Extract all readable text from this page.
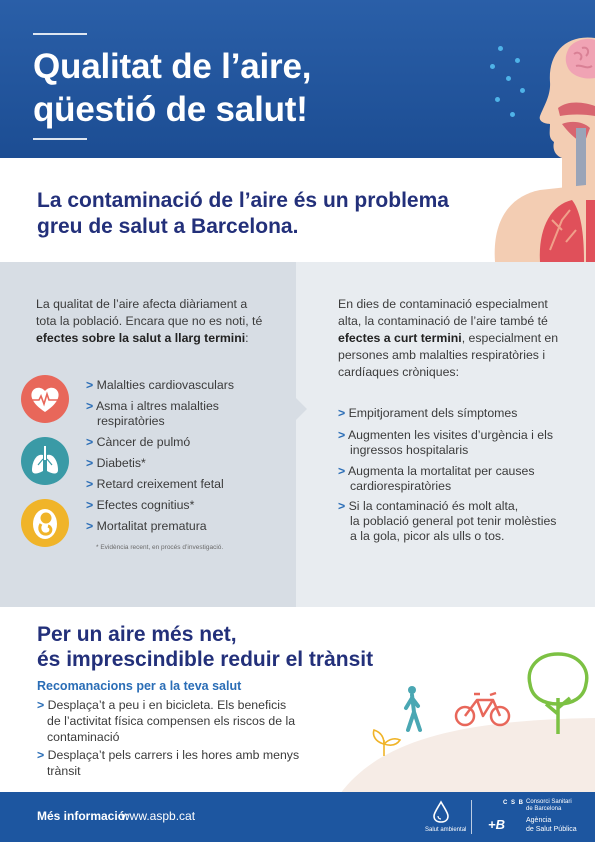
Qualitat de l’aire,
qüestió de salut!
La contaminació de l’aire és un problema
greu de salut a Barcelona.
La qualitat de l’aire afecta diàriament a
tota la població. Encara que no es noti, té
efectes sobre la salut a llarg termini:
> Malalties cardiovasculars
> Asma i altres malalties
respiratòries
> Càncer de pulmó
> Diabetis*
> Retard creixement fetal
> Efectes cognitius*
> Mortalitat prematura
* Evidència recent, en procés d’investigació.
En dies de contaminació especialment
alta, la contaminació de l’aire també té
efectes a curt termini, especialment en
persones amb malalties respiratòries i
cardíaques cròniques:
> Empitjorament dels símptomes
> Augmenten les visites d’urgència i els
ingressos hospitalaris
> Augmenta la mortalitat per causes
cardiorespiratòries
> Si la contaminació és molt alta,
la població general pot tenir molèsties
a la gola, picor als ulls o tos.
Per un aire més net,
és imprescindible reduir el trànsit
Recomanacions per a la teva salut
> Desplaça’t a peu i en bicicleta. Els beneficis
de l’activitat física compensen els riscos de la
contaminació
> Desplaça’t pels carrers i les hores amb menys
trànsit
Més informació:
www.aspb.cat
Salut ambiental
C S B Consorci Sanitari
de Barcelona
+B	Agència
de Salut Pública
